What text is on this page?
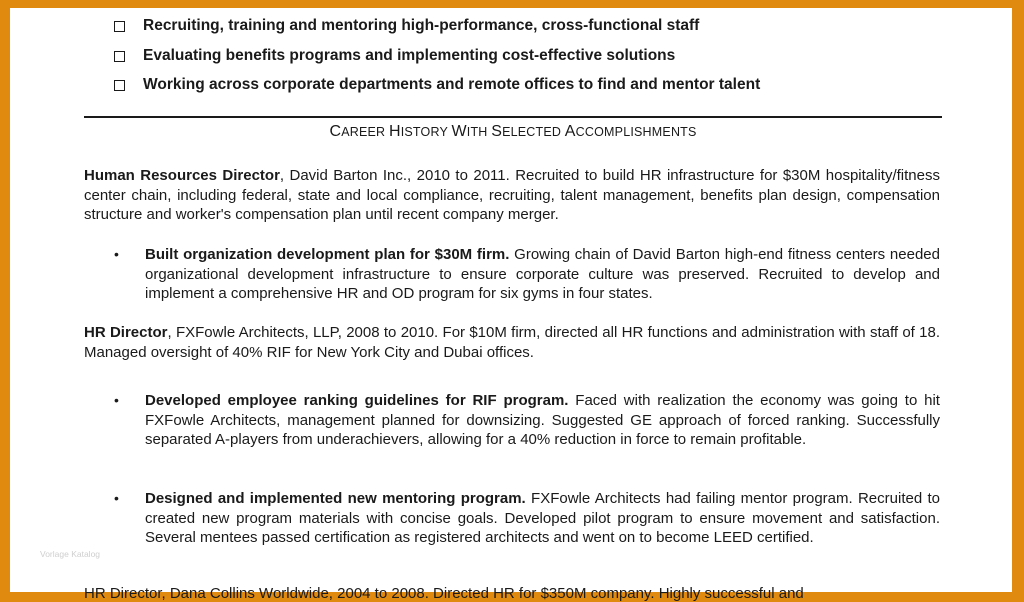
Recruiting, training and mentoring high-performance, cross-functional staff
Evaluating benefits programs and implementing cost-effective solutions
Working across corporate departments and remote offices to find and mentor talent
CAREER HISTORY WITH SELECTED ACCOMPLISHMENTS
Human Resources Director, David Barton Inc., 2010 to 2011. Recruited to build HR infrastructure for $30M hospitality/fitness center chain, including federal, state and local compliance, recruiting, talent management, benefits plan design, compensation structure and worker's compensation plan until recent company merger.
• Built organization development plan for $30M firm. Growing chain of David Barton high-end fitness centers needed organizational development infrastructure to ensure corporate culture was preserved. Recruited to develop and implement a comprehensive HR and OD program for six gyms in four states.
HR Director, FXFowle Architects, LLP, 2008 to 2010. For $10M firm, directed all HR functions and administration with staff of 18. Managed oversight of 40% RIF for New York City and Dubai offices.
• Developed employee ranking guidelines for RIF program. Faced with realization the economy was going to hit FXFowle Architects, management planned for downsizing. Suggested GE approach of forced ranking. Successfully separated A-players from underachievers, allowing for a 40% reduction in force to remain profitable.
• Designed and implemented new mentoring program. FXFowle Architects had failing mentor program. Recruited to created new program materials with concise goals. Developed pilot program to ensure movement and satisfaction. Several mentees passed certification as registered architects and went on to become LEED certified.
HR Director, Dana Collins Worldwide, 2004 to 2008. Directed HR for $350M company. Highly successful and
Vorlage Katalog
